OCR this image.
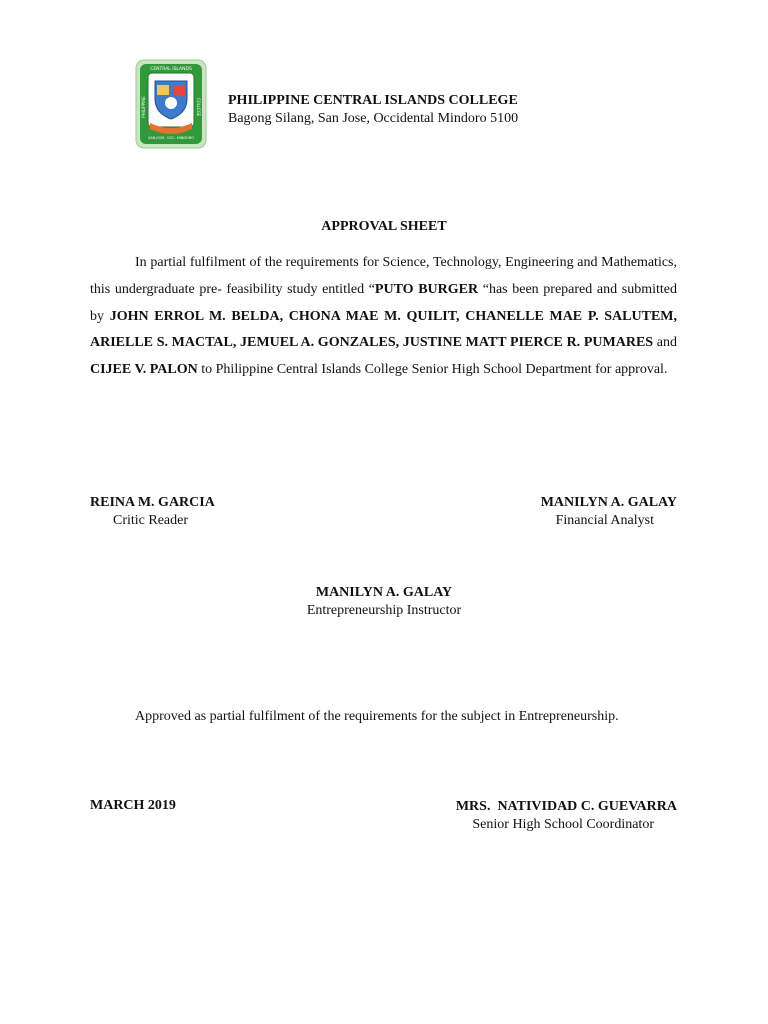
CENTRAL ISLANDS
SAN JOSE, OCC. MINDORO
PHILIPPINE	COLLEGE PHILIPPINE CENTRAL ISLANDS COLLEGE
Bagong Silang, San Jose, Occidental Mindoro 5100
APPROVAL SHEET

In partial fulfilment of the requirements for Science, Technology, Engineering and Mathematics, this undergraduate pre- feasibility study entitled “PUTO BURGER “has been prepared and submitted by JOHN ERROL M. BELDA, CHONA MAE M. QUILIT, CHANELLE MAE P. SALUTEM, ARIELLE S. MACTAL, JEMUEL A. GONZALES, JUSTINE MATT PIERCE R. PUMARES and CIJEE V. PALON to Philippine Central Islands College Senior High School Department for approval.

REINA M. GARCIA
Critic Reader
MANILYN A. GALAY
Financial Analyst
MANILYN A. GALAY
Entrepreneurship Instructor
Approved as partial fulfilment of the requirements for the subject in Entrepreneurship.
MARCH 2019	MRS.  NATIVIDAD C. GUEVARRA
Senior High School Coordinator
